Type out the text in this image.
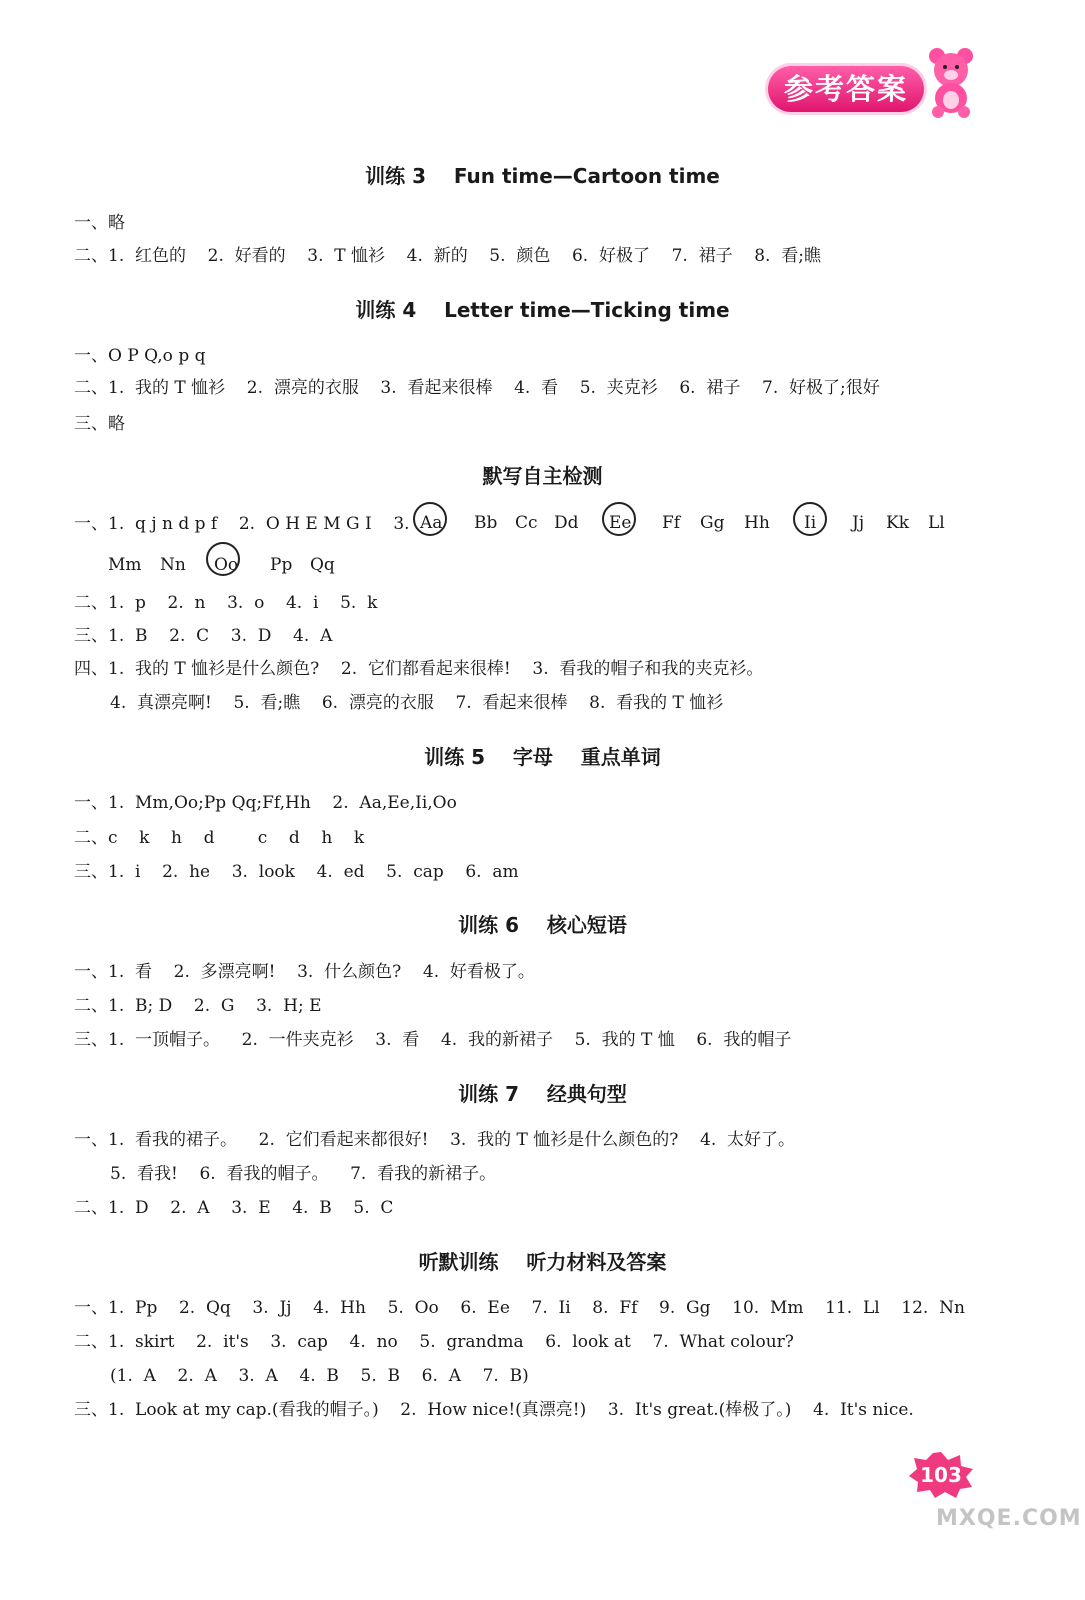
参考答案
训练 3    Fun time—Cartoon time
一、略
二、1.  红色的    2.  好看的    3.  T 恤衫    4.  新的    5.  颜色    6.  好极了    7.  裙子    8.  看;瞧
训练 4    Letter time—Ticking time
一、O P Q,o p q
二、1.  我的 T 恤衫    2.  漂亮的衣服    3.  看起来很棒    4.  看    5.  夹克衫    6.  裙子    7.  好极了;很好
三、略
默写自主检测
一、1.  q j n d p f    2.  O H E M G I    3. Aa Bb Cc Dd Ee Ff Gg Hh Ii Jj Kk Ll
Mm Nn Oo Pp Qq
二、1.  p    2.  n    3.  o    4.  i    5.  k
三、1.  B    2.  C    3.  D    4.  A
四、1.  我的 T 恤衫是什么颜色?    2.  它们都看起来很棒!    3.  看我的帽子和我的夹克衫。
4.  真漂亮啊!    5.  看;瞧    6.  漂亮的衣服    7.  看起来很棒    8.  看我的 T 恤衫
训练 5    字母    重点单词
一、1.  Mm,Oo;Pp Qq;Ff,Hh    2.  Aa,Ee,Ii,Oo
二、c    k    h    d        c    d    h    k
三、1.  i    2.  he    3.  look    4.  ed    5.  cap    6.  am
训练 6    核心短语
一、1.  看    2.  多漂亮啊!    3.  什么颜色?    4.  好看极了。
二、1.  B; D    2.  G    3.  H; E
三、1.  一顶帽子。    2.  一件夹克衫    3.  看    4.  我的新裙子    5.  我的 T 恤    6.  我的帽子
训练 7    经典句型
一、1.  看我的裙子。    2.  它们看起来都很好!    3.  我的 T 恤衫是什么颜色的?    4.  太好了。
5.  看我!    6.  看我的帽子。    7.  看我的新裙子。
二、1.  D    2.  A    3.  E    4.  B    5.  C
听默训练    听力材料及答案
一、1.  Pp    2.  Qq    3.  Jj    4.  Hh    5.  Oo    6.  Ee    7.  Ii    8.  Ff    9.  Gg    10.  Mm    11.  Ll    12.  Nn
二、1.  skirt    2.  it's    3.  cap    4.  no    5.  grandma    6.  look at    7.  What colour?
(1.  A    2.  A    3.  A    4.  B    5.  B    6.  A    7.  B)
三、1.  Look at my cap.(看我的帽子。)    2.  How nice!(真漂亮!)    3.  It's great.(棒极了。)    4.  It's nice.
103
MXQE.COM
